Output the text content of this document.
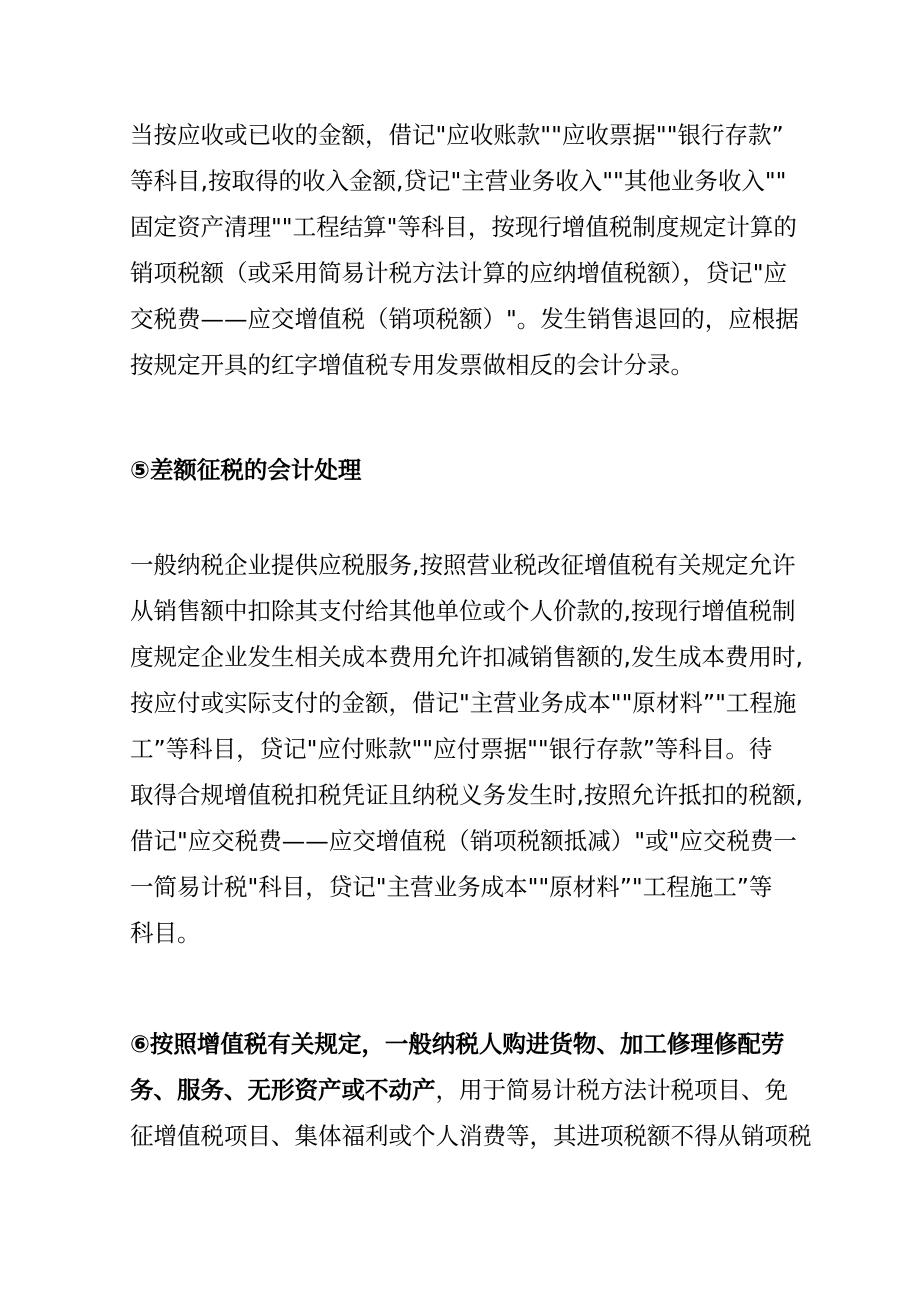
当按应收或已收的金额，借记"应收账款""应收票据""银行存款”
等科目,按取得的收入金额,贷记"主营业务收入""其他业务收入""
固定资产清理""工程结算"等科目，按现行增值税制度规定计算的
销项税额（或采用简易计税方法计算的应纳增值税额），贷记"应
交税费——应交增值税（销项税额）"。发生销售退回的，应根据
按规定开具的红字增值税专用发票做相反的会计分录。
⑤差额征税的会计处理
一般纳税企业提供应税服务,按照营业税改征增值税有关规定允许
从销售额中扣除其支付给其他单位或个人价款的,按现行增值税制
度规定企业发生相关成本费用允许扣减销售额的,发生成本费用时,
按应付或实际支付的金额，借记"主营业务成本""原材料”"工程施
工”等科目，贷记"应付账款""应付票据""银行存款”等科目。待
取得合规增值税扣税凭证且纳税义务发生时,按照允许抵扣的税额,
借记"应交税费——应交增值税（销项税额抵减）"或"应交税费一
一简易计税"科目，贷记"主营业务成本""原材料”"工程施工”等
科目。
⑥按照增值税有关规定，一般纳税人购进货物、加工修理修配劳
务、服务、无形资产或不动产，用于简易计税方法计税项目、免
征增值税项目、集体福利或个人消费等，其进项税额不得从销项税
